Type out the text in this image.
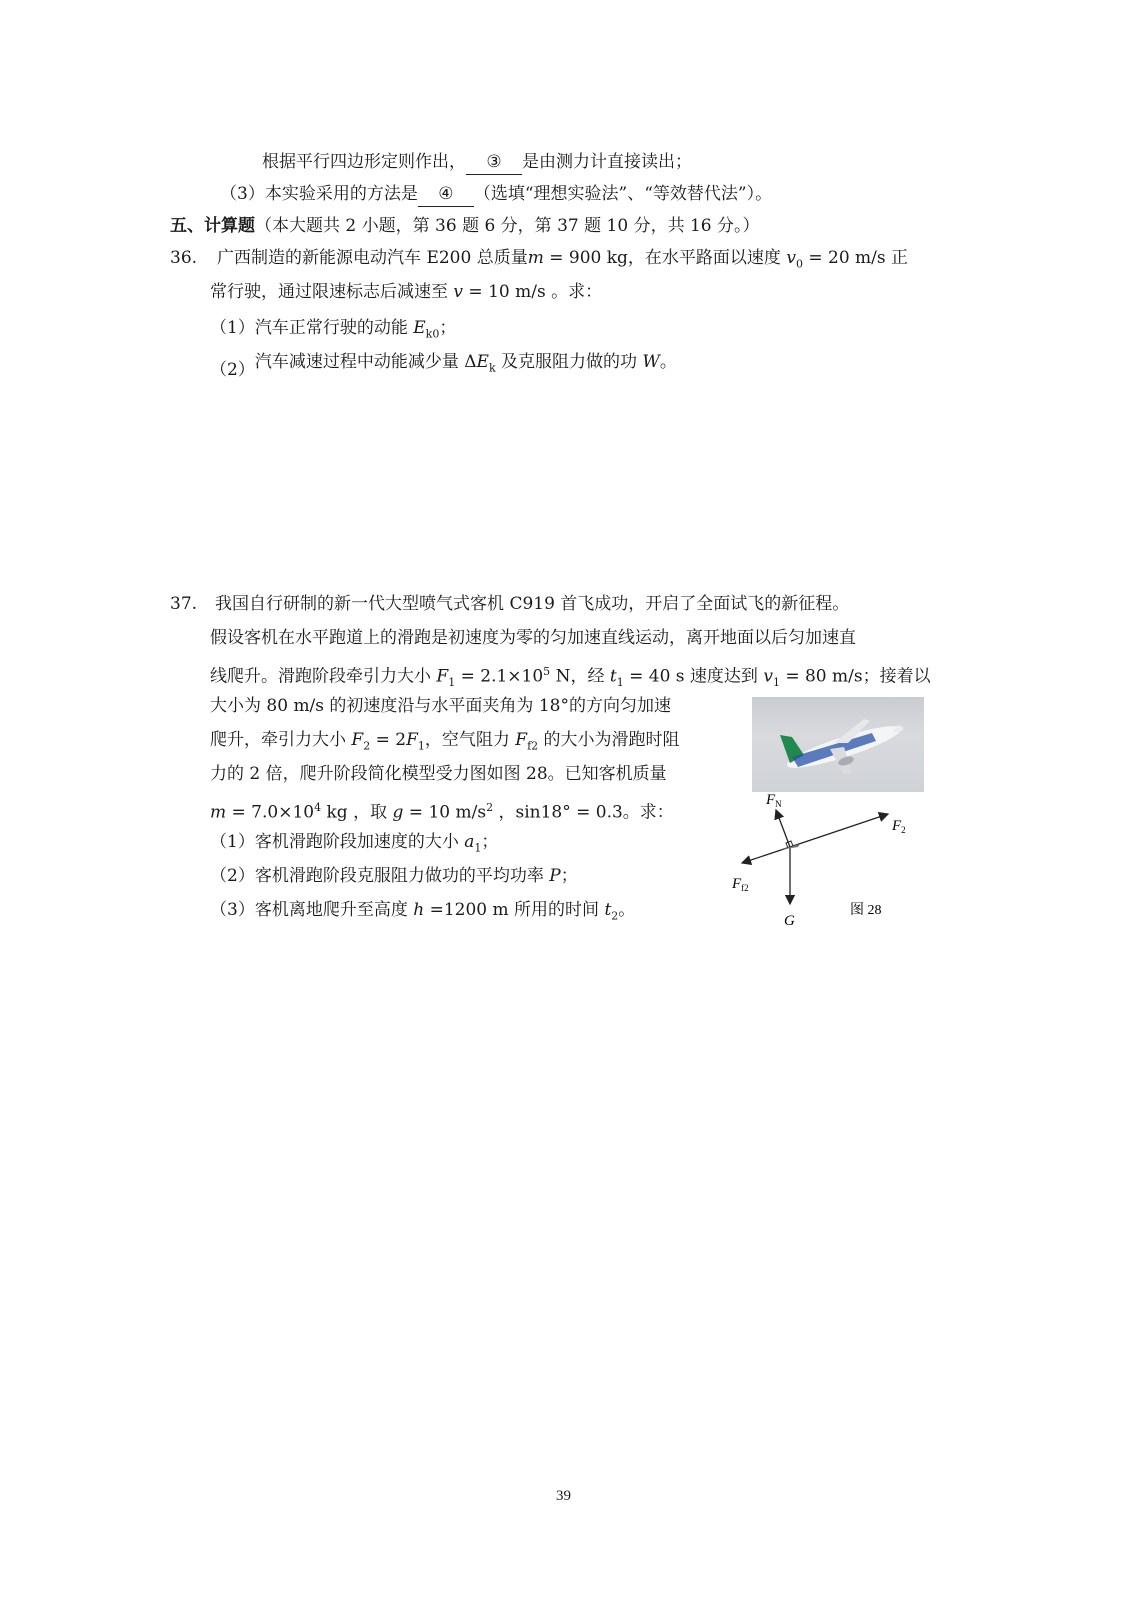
根据平行四边形定则作出， ③ 是由测力计直接读出；
（3）本实验采用的方法是 ④ （选填“理想实验法”、“等效替代法”）。
五、计算题（本大题共 2 小题，第 36 题 6 分，第 37 题 10 分，共 16 分。）
36. 广西制造的新能源电动汽车 E200 总质量m = 900 kg，在水平路面以速度 $v_0 = 20$ m/s 正
常行驶，通过限速标志后减速至 v = 10 m/s 。求：
（1）汽车正常行驶的动能 $E_{k0}$；
（2）汽车减速过程中动能减少量 $\Delta E_k$ 及克服阻力做的功 W。
37. 我国自行研制的新一代大型喷气式客机 C919 首飞成功，开启了全面试飞的新征程。
假设客机在水平跑道上的滑跑是初速度为零的匀加速直线运动，离开地面以后匀加速直
线爬升。滑跑阶段牵引力大小 $F_1 = 2.1\times 10^5$ N，经 $t_1 = 40$ s 速度达到 $v_1 = 80$ m/s；接着以
大小为 80 m/s 的初速度沿与水平面夹角为 18°的方向匀加速
爬升，牵引力大小 $F_2 = 2F_1$，空气阻力 $F_{f2}$ 的大小为滑跑时阻
力的 2 倍，爬升阶段简化模型受力图如图 28。已知客机质量
$m = 7.0\times 10^4$ kg ，取 g = 10 $m/s^2$ ，sin18° = 0.3。求：
（1）客机滑跑阶段加速度的大小 $a_1$；
（2）客机滑跑阶段克服阻力做功的平均功率 P；
（3）客机离地爬升至高度 h =1200 m 所用的时间 $t_2$。
$F_N$
$F_2$
$F_{f2}$
G
图 28
39
